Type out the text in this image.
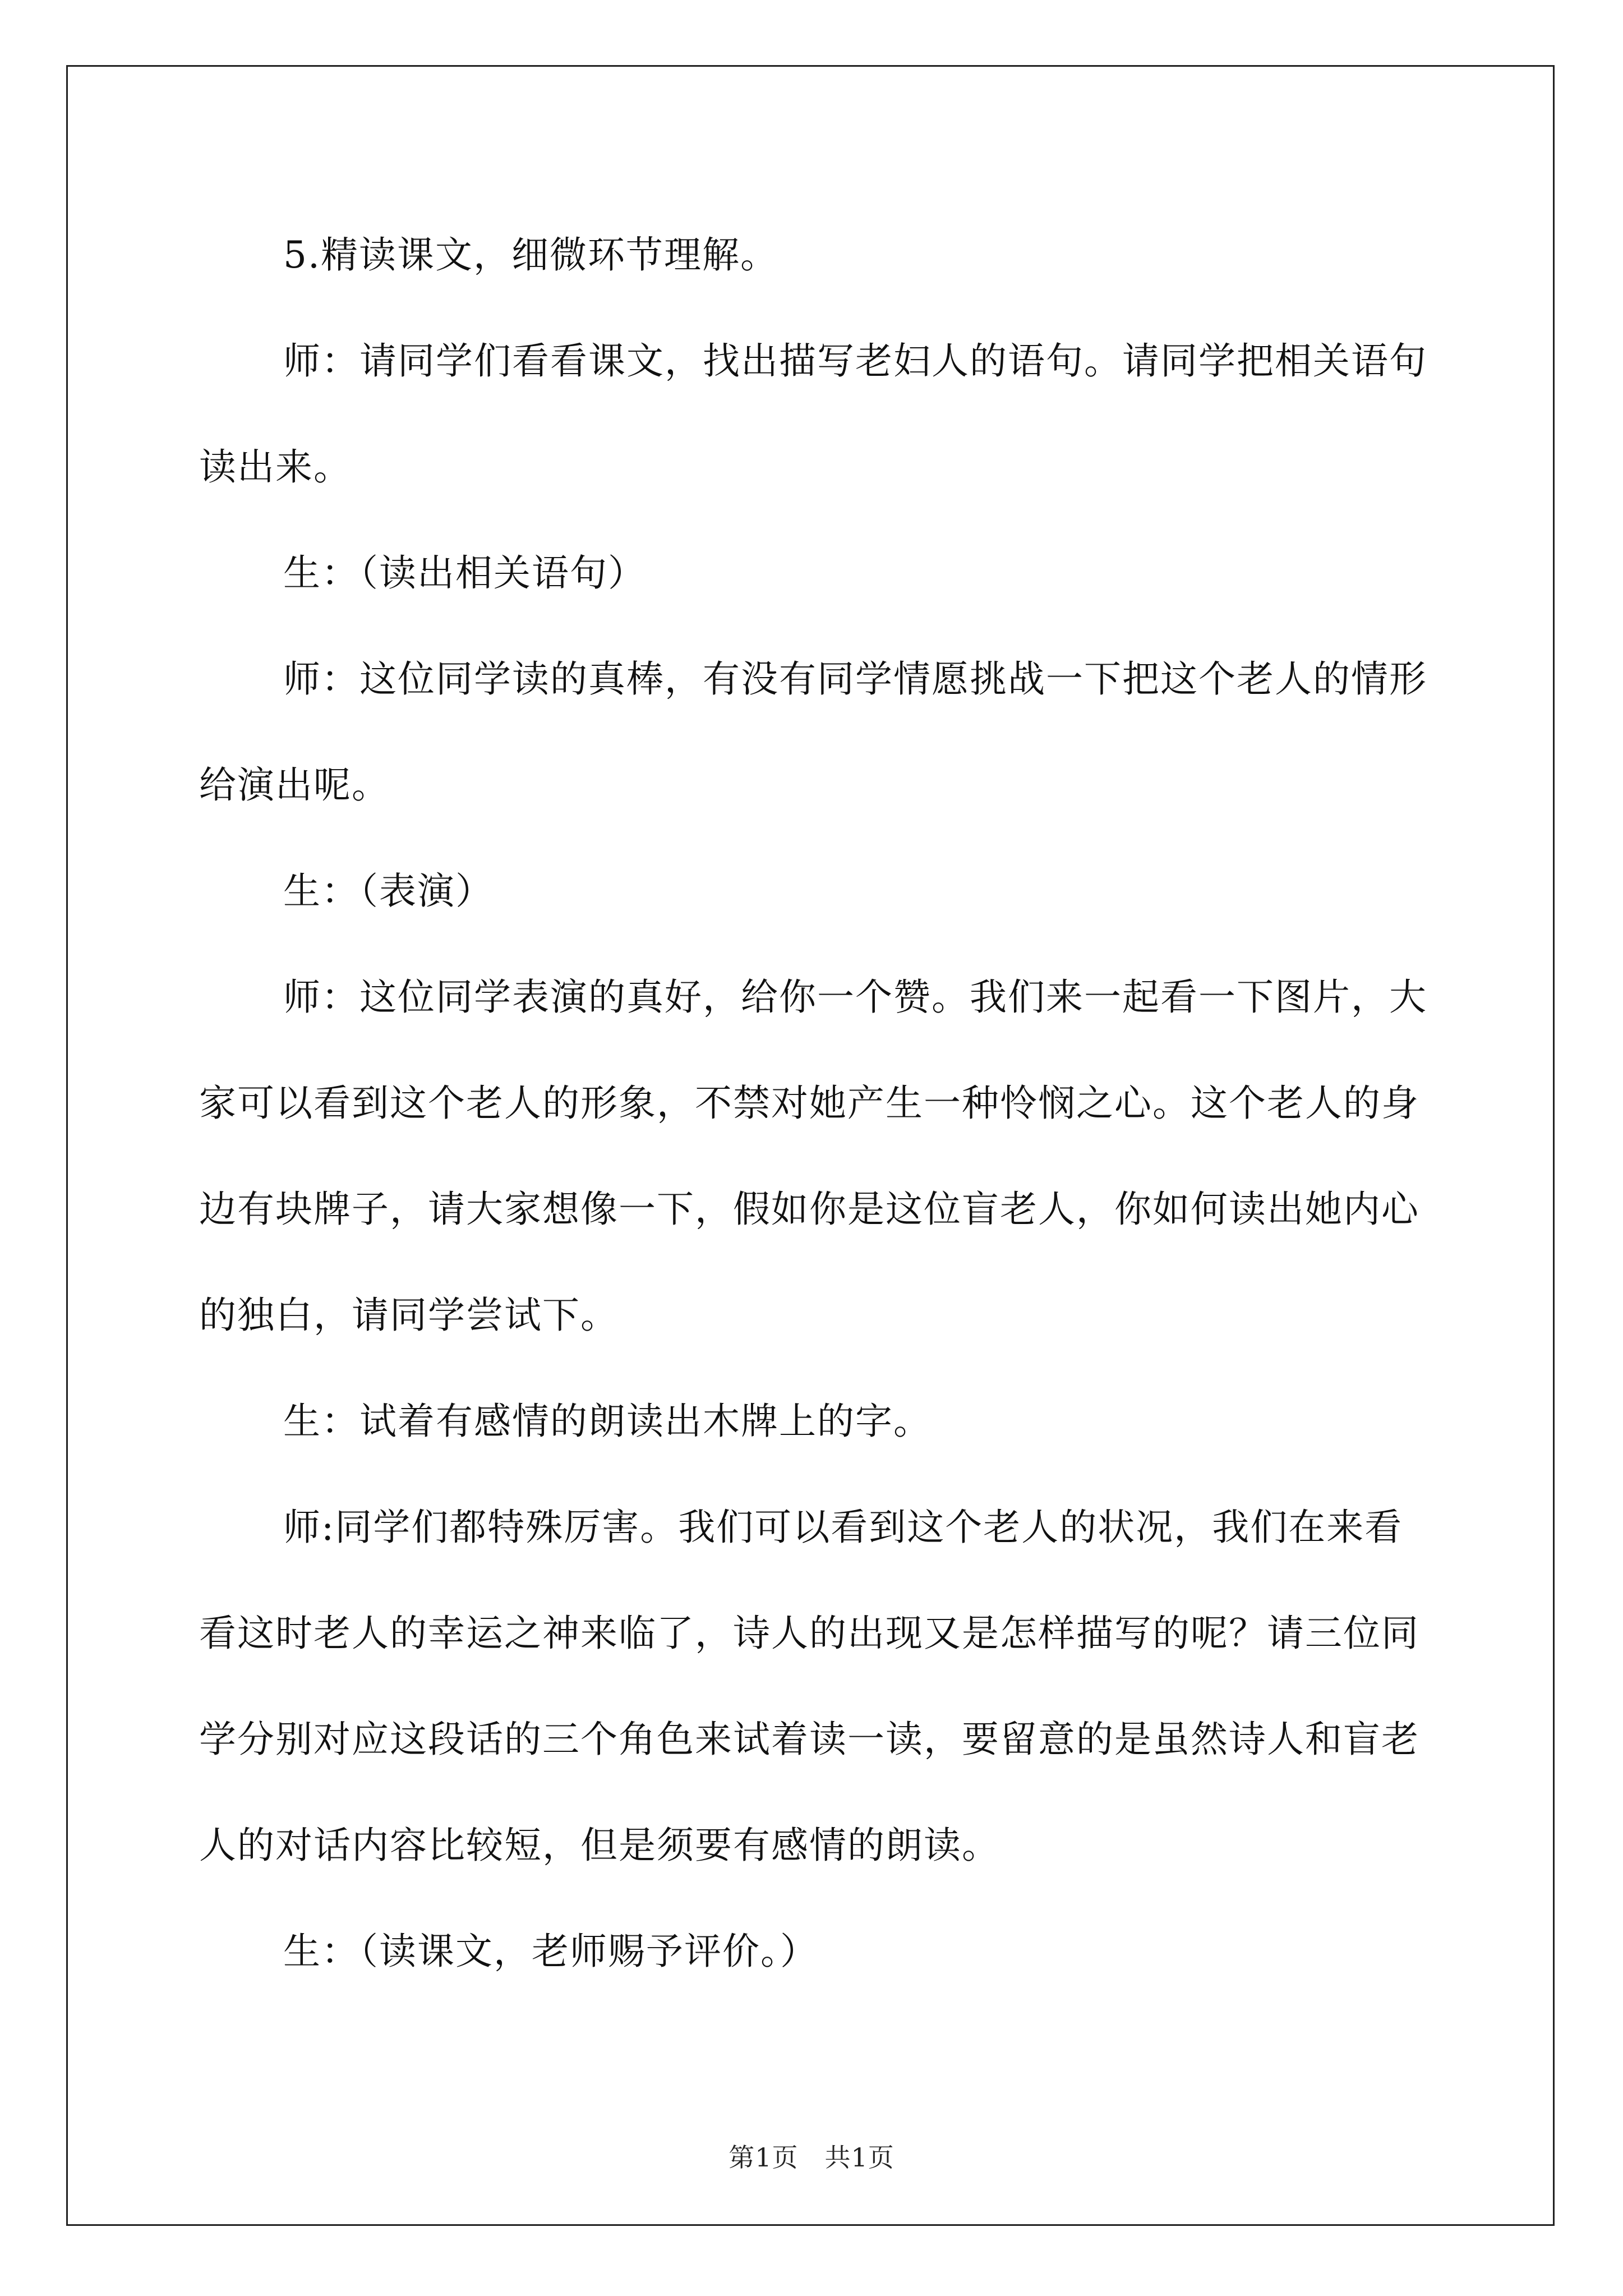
5.精读课文，细微环节理解。

师：请同学们看看课文，找出描写老妇人的语句。请同学把相关语句读出来。

生：（读出相关语句）

师：这位同学读的真棒，有没有同学情愿挑战一下把这个老人的情形给演出呢。

生：（表演）

师：这位同学表演的真好，给你一个赞。我们来一起看一下图片，大家可以看到这个老人的形象，不禁对她产生一种怜悯之心。这个老人的身边有块牌子，请大家想像一下，假如你是这位盲老人，你如何读出她内心的独白，请同学尝试下。

生：试着有感情的朗读出木牌上的字。

师:同学们都特殊厉害。我们可以看到这个老人的状况，我们在来看看这时老人的幸运之神来临了，诗人的出现又是怎样描写的呢？请三位同学分别对应这段话的三个角色来试着读一读，要留意的是虽然诗人和盲老人的对话内容比较短，但是须要有感情的朗读。

生：（读课文，老师赐予评价。）

第1页　共1页
